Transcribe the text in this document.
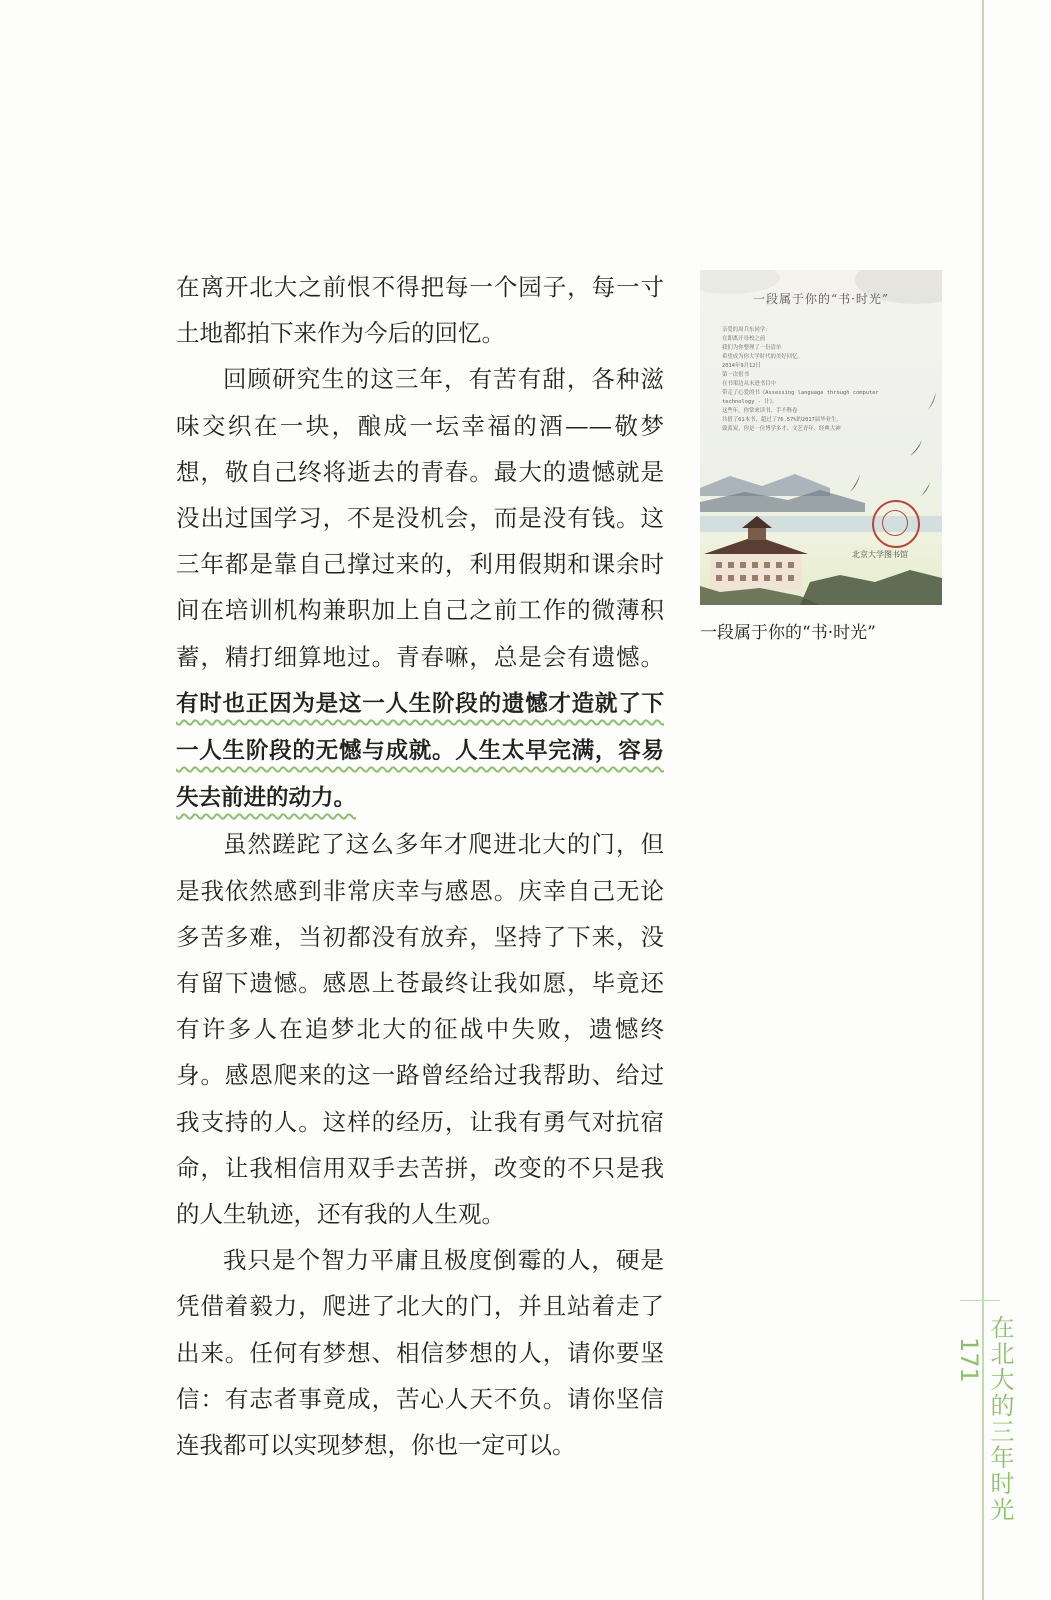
在北大的三年时光 171

在离开北大之前恨不得把每一个园子，每一寸土地都拍下来作为今后的回忆。

回顾研究生的这三年，有苦有甜，各种滋味交织在一块，酿成一坛幸福的酒——敬梦想，敬自己终将逝去的青春。最大的遗憾就是没出过国学习，不是没机会，而是没有钱。这三年都是靠自己撑过来的，利用假期和课余时间在培训机构兼职加上自己之前工作的微薄积蓄，精打细算地过。青春嘛，总是会有遗憾。有时也正因为是这一人生阶段的遗憾才造就了下一人生阶段的无憾与成就。人生太早完满，容易失去前进的动力。

虽然蹉跎了这么多年才爬进北大的门，但是我依然感到非常庆幸与感恩。庆幸自己无论多苦多难，当初都没有放弃，坚持了下来，没有留下遗憾。感恩上苍最终让我如愿，毕竟还有许多人在追梦北大的征战中失败，遗憾终身。感恩爬来的这一路曾经给过我帮助、给过我支持的人。这样的经历，让我有勇气对抗宿命，让我相信用双手去苦拼，改变的不只是我的人生轨迹，还有我的人生观。

我只是个智力平庸且极度倒霉的人，硬是凭借着毅力，爬进了北大的门，并且站着走了出来。任何有梦想、相信梦想的人，请你要坚信：有志者事竟成，苦心人天不负。请你坚信连我都可以实现梦想，你也一定可以。

一段属于你的“书·时光”
亲爱的周兵东同学：
在即离开母校之前
我们为你整理了一份清单
希望成为你大学时代的美好回忆。
2014年9月12日
第一次借书
在书架边从未进书目中
带走了心爱的书《Assessing language through computer
technology - 计》。
这些年，你常来读书，手不释卷
共借了61本书，超过了76.57%的2017届毕业生。
致蓝炭，你是一位博学多才、文艺青年、经典大神
北京大学图书馆
一段属于你的“书·时光”
